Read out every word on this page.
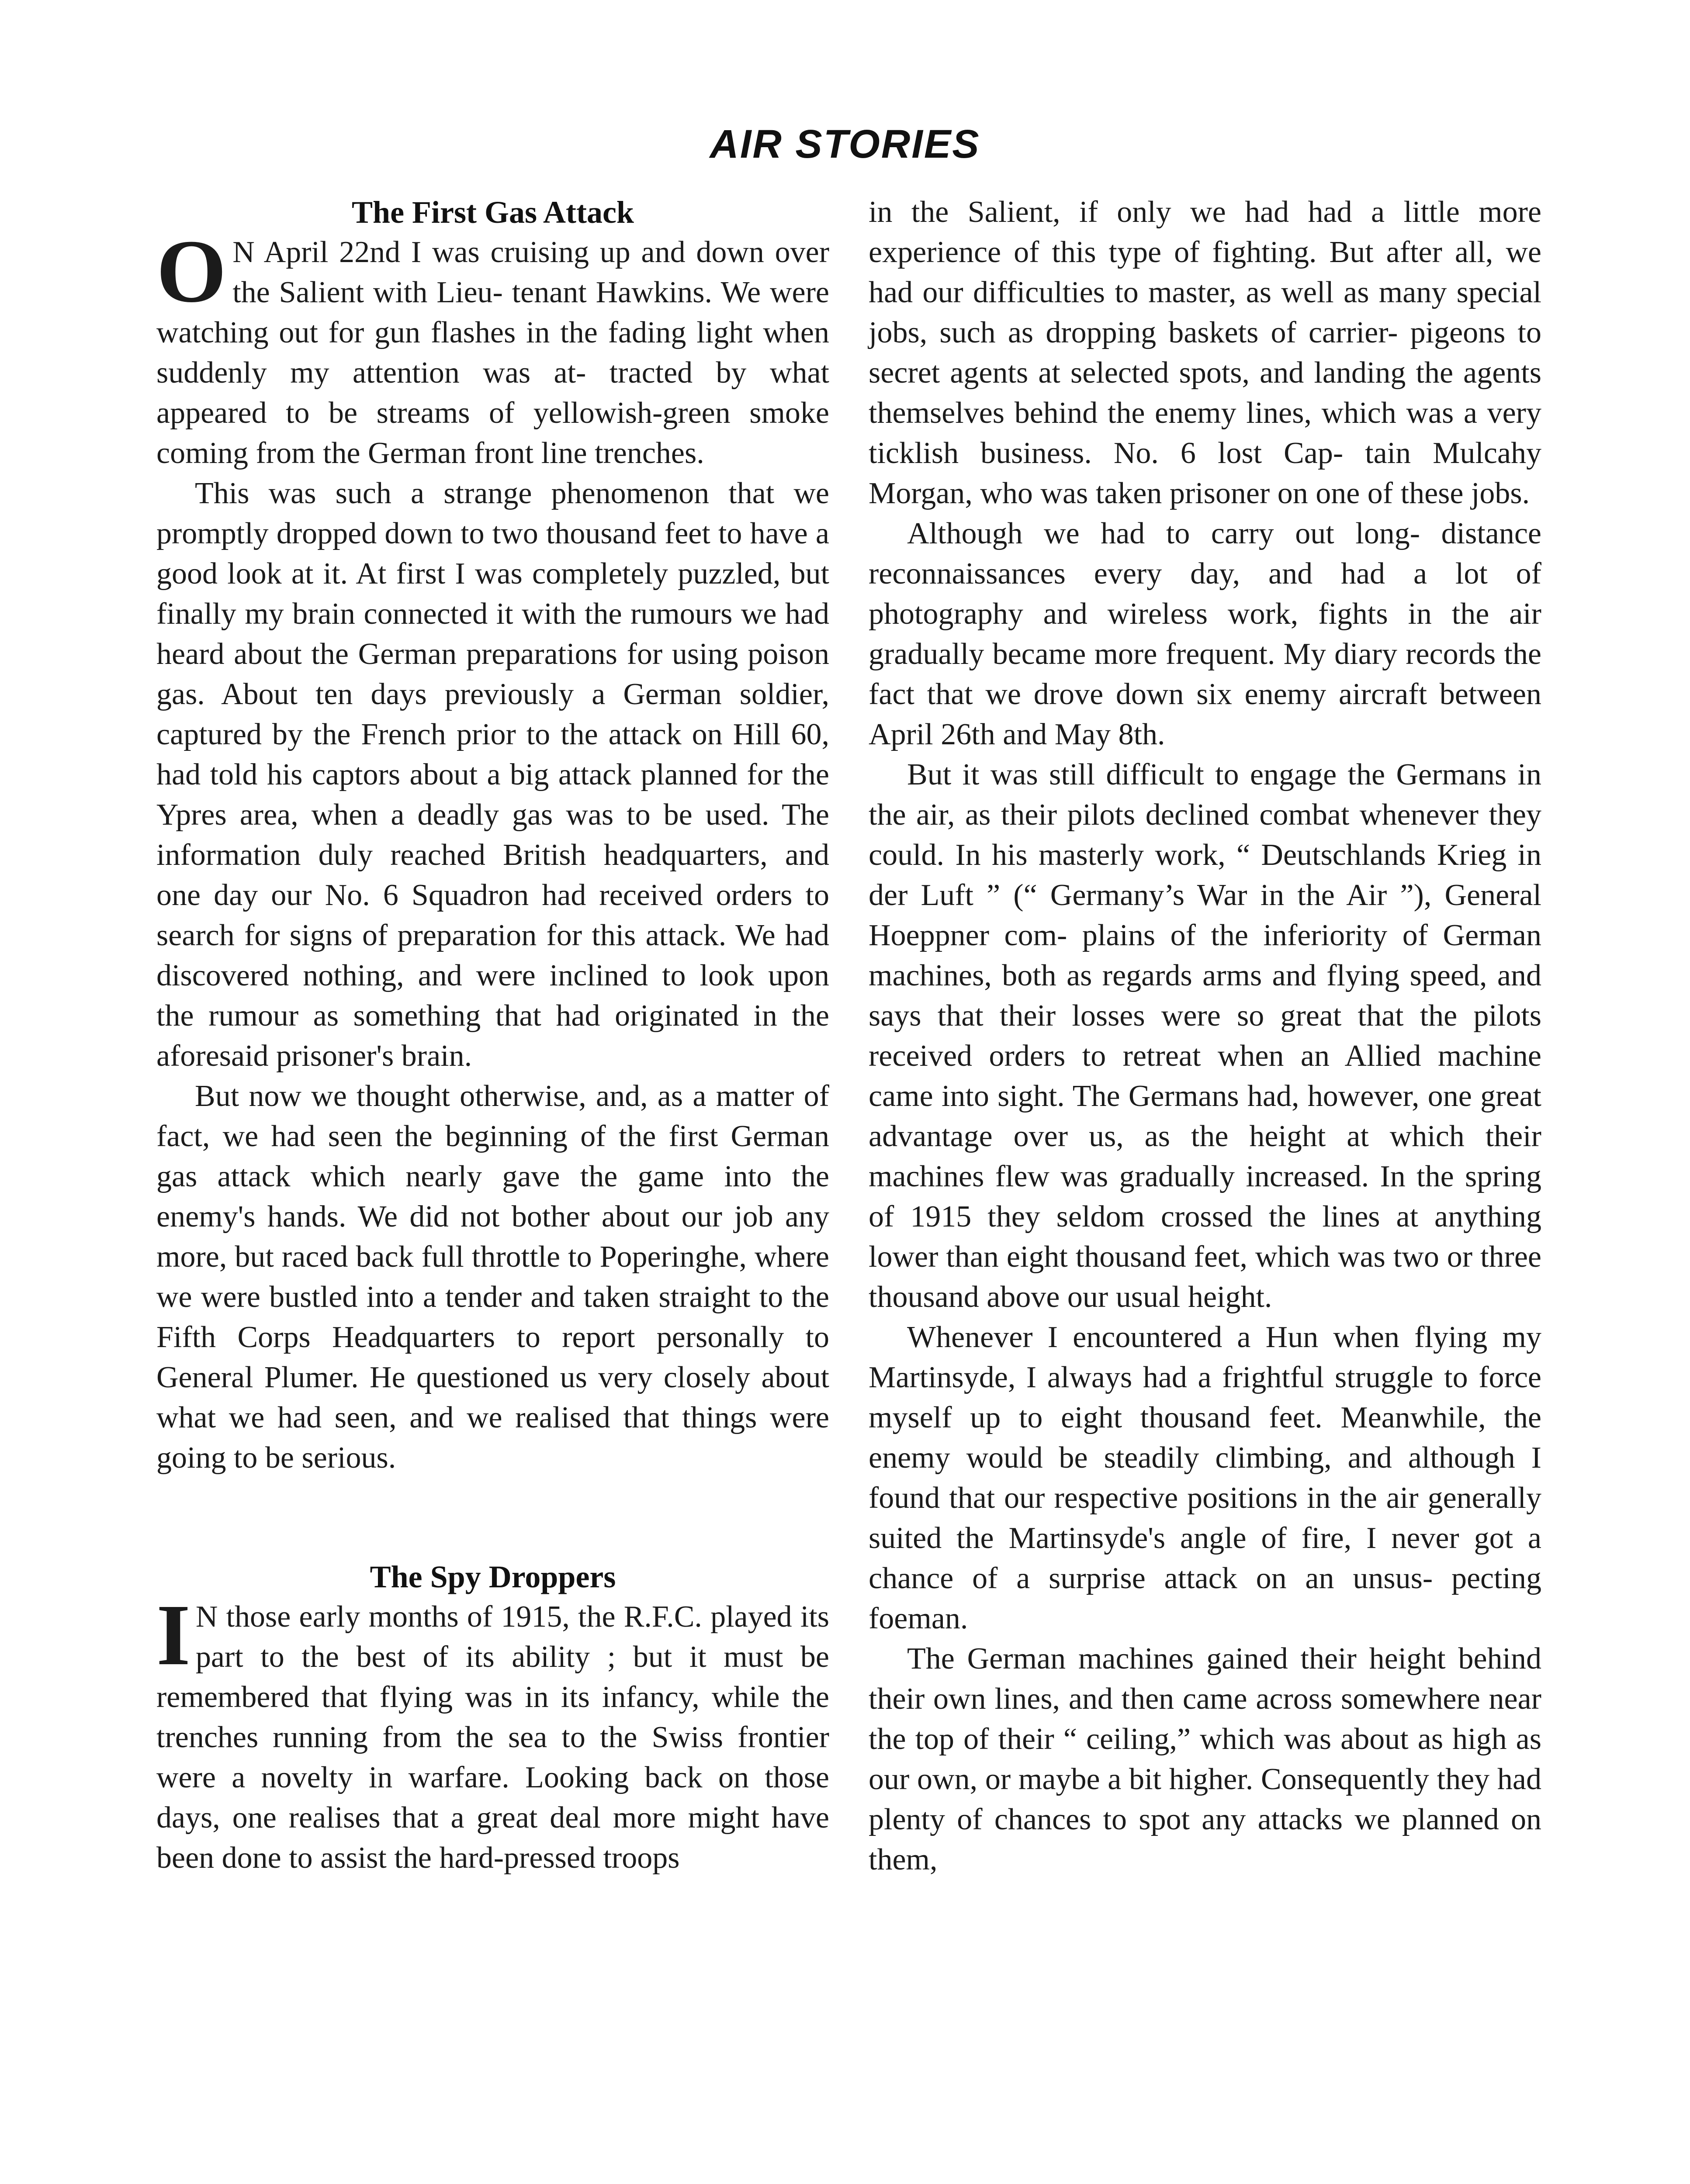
AIR STORIES
The First Gas Attack

O N April 22nd I was cruising up and down over the Salient with Lieu- tenant Hawkins. We were watching out for gun flashes in the fading light when suddenly my attention was at- tracted by what appeared to be streams of yellowish-green smoke coming from the German front line trenches.

This was such a strange phenomenon that we promptly dropped down to two thousand feet to have a good look at it. At first I was completely puzzled, but finally my brain connected it with the rumours we had heard about the German preparations for using poison gas. About ten days previously a German soldier, captured by the French prior to the attack on Hill 60, had told his captors about a big attack planned for the Ypres area, when a deadly gas was to be used. The information duly reached British headquarters, and one day our No. 6 Squadron had received orders to search for signs of preparation for this attack. We had discovered nothing, and were inclined to look upon the rumour as something that had originated in the aforesaid prisoner's brain.

But now we thought otherwise, and, as a matter of fact, we had seen the beginning of the first German gas attack which nearly gave the game into the enemy's hands. We did not bother about our job any more, but raced back full throttle to Poperinghe, where we were bustled into a tender and taken straight to the Fifth Corps Headquarters to report personally to General Plumer. He questioned us very closely about what we had seen, and we realised that things were going to be serious.

The Spy Droppers

I N those early months of 1915, the R.F.C. played its part to the best of its ability ; but it must be remembered that flying was in its infancy, while the trenches running from the sea to the Swiss frontier were a novelty in warfare. Looking back on those days, one realises that a great deal more might have been done to assist the hard-pressed troops

in the Salient, if only we had had a little more experience of this type of fighting. But after all, we had our difficulties to master, as well as many special jobs, such as dropping baskets of carrier- pigeons to secret agents at selected spots, and landing the agents themselves behind the enemy lines, which was a very ticklish business. No. 6 lost Cap- tain Mulcahy Morgan, who was taken prisoner on one of these jobs.

Although we had to carry out long- distance reconnaissances every day, and had a lot of photography and wireless work, fights in the air gradually became more frequent. My diary records the fact that we drove down six enemy aircraft between April 26th and May 8th.

But it was still difficult to engage the Germans in the air, as their pilots declined combat whenever they could. In his masterly work, “ Deutschlands Krieg in der Luft ” (“ Germany’s War in the Air ”), General Hoeppner com- plains of the inferiority of German machines, both as regards arms and flying speed, and says that their losses were so great that the pilots received orders to retreat when an Allied machine came into sight. The Germans had, however, one great advantage over us, as the height at which their machines flew was gradually increased. In the spring of 1915 they seldom crossed the lines at anything lower than eight thousand feet, which was two or three thousand above our usual height.

Whenever I encountered a Hun when flying my Martinsyde, I always had a frightful struggle to force myself up to eight thousand feet. Meanwhile, the enemy would be steadily climbing, and although I found that our respective positions in the air generally suited the Martinsyde's angle of fire, I never got a chance of a surprise attack on an unsus- pecting foeman.

The German machines gained their height behind their own lines, and then came across somewhere near the top of their “ ceiling,” which was about as high as our own, or maybe a bit higher. Consequently they had plenty of chances to spot any attacks we planned on them,
